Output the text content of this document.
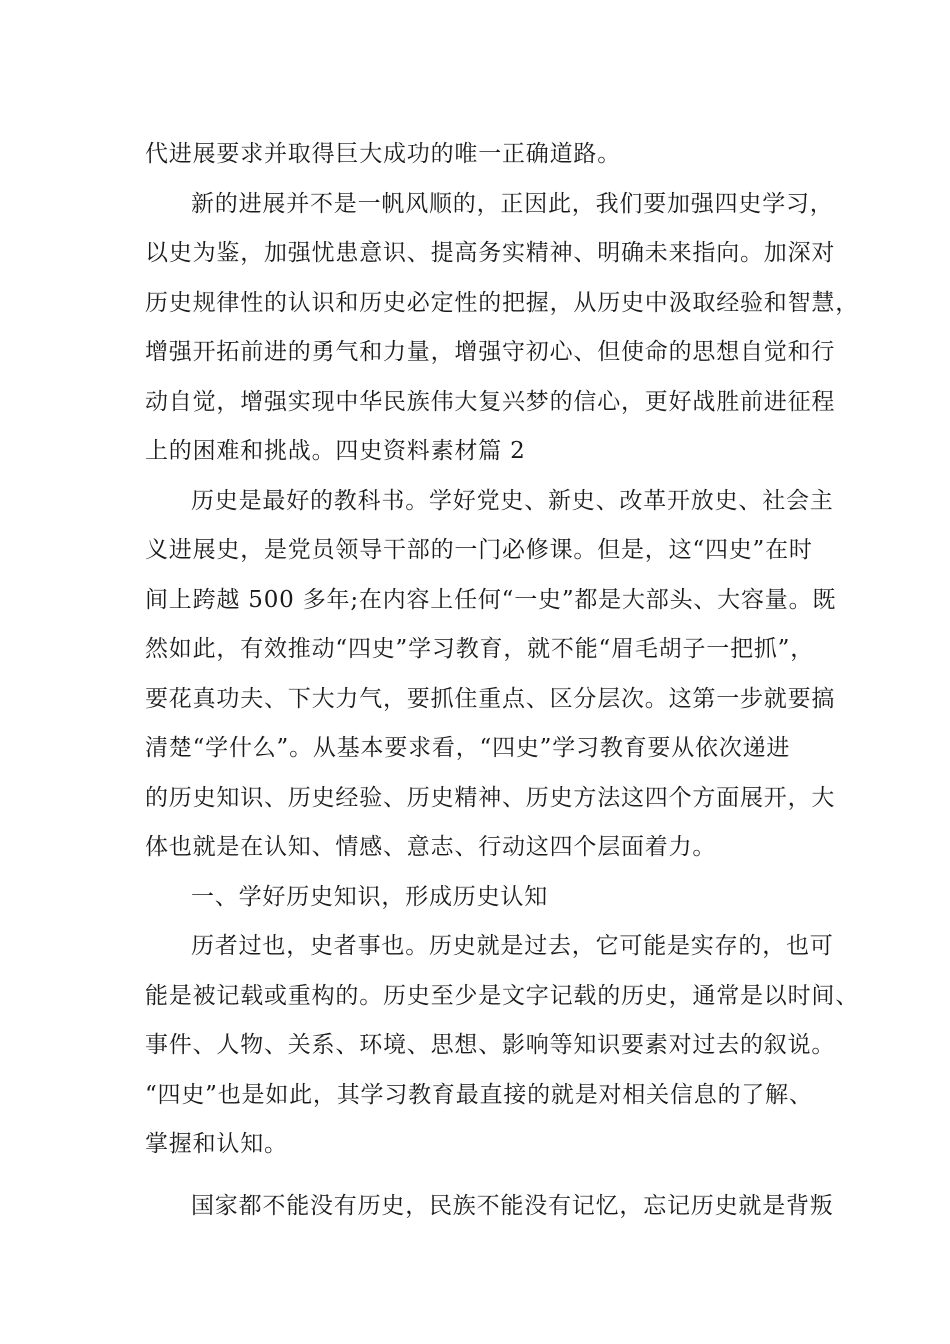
代进展要求并取得巨大成功的唯一正确道路。
新的进展并不是一帆风顺的，正因此，我们要加强四史学习，
以史为鉴，加强忧患意识、提高务实精神、明确未来指向。加深对
历史规律性的认识和历史必定性的把握，从历史中汲取经验和智慧，
增强开拓前进的勇气和力量，增强守初心、但使命的思想自觉和行
动自觉，增强实现中华民族伟大复兴梦的信心，更好战胜前进征程
上的困难和挑战。四史资料素材篇 2
历史是最好的教科书。学好党史、新史、改革开放史、社会主
义进展史，是党员领导干部的一门必修课。但是，这“四史”在时
间上跨越 500 多年;在内容上任何“一史”都是大部头、大容量。既
然如此，有效推动“四史”学习教育，就不能“眉毛胡子一把抓”，
要花真功夫、下大力气，要抓住重点、区分层次。这第一步就要搞
清楚“学什么”。从基本要求看，“四史”学习教育要从依次递进
的历史知识、历史经验、历史精神、历史方法这四个方面展开，大
体也就是在认知、情感、意志、行动这四个层面着力。
一、学好历史知识，形成历史认知
历者过也，史者事也。历史就是过去，它可能是实存的，也可
能是被记载或重构的。历史至少是文字记载的历史，通常是以时间、
事件、人物、关系、环境、思想、影响等知识要素对过去的叙说。
“四史”也是如此，其学习教育最直接的就是对相关信息的了解、
掌握和认知。
国家都不能没有历史，民族不能没有记忆，忘记历史就是背叛
